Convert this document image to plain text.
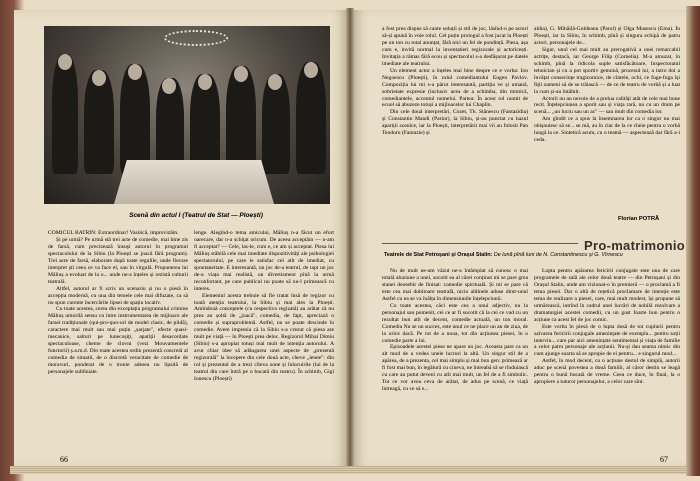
Scenă din actul I (Teatrul de Stat — Ploești)

COMICUL BATRÎN: Extraordinar! Vasiiică, improvizăm.

Și pe urmă? Pe urmă stă trei acte de comedie, mai bine zis de farsă, cum precizează însuși autorul în programul spectacolului de la Sibiu (la Ploești se joacă fără program). Trei acte de farsă, elaborate după toate regulile, unde fiecare interpret ști ceea ce va face el, sau în virgulă. Propunerea lui Măliuș a evoluat de la o... unde ne-a înțeles și rezistă culturii teatrală.

Altfel, autorul ar fi scris un scenariu și nu o piesă în accepția modernă, cu una din temele cele mai difuzate, ca să nu spun curente încercările lipsei de spațiu locativ.

Cu toate acestea, cerea din exceptația programului crimine Măliuș umorilă sensu cu între instrumentarea de mijloace ale farsei tradiționale (qui-pro-quo-uri de model clasic, de pildă), caractere mai mult sau mai puțin „șarjate", efecte quasi-mecanice, salturi pe lunecoșiți, apariții desacordate spectaculoase, cheme de clovni (vezi Mouvamentele functorii) ș.a.m.d. Din toate acestea ordin prezentă concretă al comedia de situatii, de o discretă veracitate de comedie de moravuri, ponderat de o ironie adesea nu lipsită de personajele subliniate.

lenge. Alegînd-o tema amicului, Măliuș n-a făcut un efort oarecare, dar n-a schițat oricum. De aceea acceptăm — n-am fi acceptat? — Cele, las-le, cum e, ce am și acceptat. Piesa lui Măliuș stăbilă cele mai imediate dispozitivități ale psihologiei spectatorului, pe care le satisfac cel atît de imediat, cu spontaneitate. E interesantă, un joc de-a teatrul, de tapt un joc de-a viața mai realistă, un divertisment pînă la urmă reconfortant, pe care publicul nu poate să nu-l primească cu interes.

Elementul acesta trebuie să fie tratat însă de regizor cu toată atenția teatrului, la Sibiu și mai ales la Ploești. Amîndouă conceptele (cu respectiva regizată) au arătat că nu prea au șoltă de „joacă", comedia, de fapt, apreciază o comedie și supraproblemă. Astfel, nu se poate descinde în comedie. Avem impresia că la Sibiu s-a crezut că piesa are mult pe viață — în Ploești prea deloc. Regizorul Mihai Dimiu (Sibiu) s-a apropiat totuși mai mult de intenția autorului. A avut chiar idee să adăugarea unei aspecte de „prezentă regizorală" la începere din cele două acte, cheve „lenee": din rol și prezentul de a trezi cîteva zone și înlocuirile (lui de la teatrul din care întră pe o bucată din teatru). În schimb, Gigi Ionescu (Ploești)

66

a fost prea dispus să caute soluții și stil de joc, lăsînd-o pe actori să-și apună în voie rolul. Cel puțin prologul a fost jucat la Ploești pe un ton cu total anunțat, fără nici un fel de pondință. Piesa, așa cum e, invită normal la inventatieri regizorale și actoricești. Invitația a rămas fără ecou și spectacolul s-a desfășurat pe datele imediate ale teatrului.

Un element actor a înțeles mai bine despre ce e vorba: Ion Negoescu (Ploești), în rolul comediantului Eugen Pavlov. Compoziția lui mi s-a părut interesantă, partiția ve și umană, sobrietate expresie (inclusiv acea de a schimba, din mimică, comediantele, accentul numelui. Partea: În acest rol numit de ecuol să abuzeze totuși a mijloacelor lui Chaplin.

Din cele două interpretări, Cozet, Th. Stănescu (Fantazidia) și Constantin Mandi (Parior), la Sibiu, și-au punctat cu hazul apariții scenice, iar la Ploești, interpretării mai vii au folosit Pan Teodoru (Fantazie) și

aldia), G. Mihăilă-Goldeanu (Parol) și Olga Musescu (Ema). În Ploești, iar la Sibiu, în schimb, pînă și singura echipă de patru actori, personajele de...

Sigur, unul cel mai mult au prerogativă a unei remarcabil actrițe, destacă, iar George Filip (Cornelia). M-a amuzat, în schimb, pînă la ridicola suple satisfăcătoare, Inspectoratul tehnician și cu a pot sportiv genuină, procesul lui, a intro doi a învățat consecințe tragicomice, de cîntele, ochi, ce fuge-fuga își fiții oameni să de se trăiască — de ce de teatru de vorbă și a luat la cum și-au întâlnit.

Actorii nu au nevoie de a prelua calități atât de cele mai bune recit. Înțelepciunea a sporit sau și viața rară, nu cu un drum pe scenă... „un lucru sau un ac" — sau mult din comedia lor.

Am gîndit ce a spus la însemnarea lor ca o singur nu mai obișnuiesc să se... se mă, au în clar de la ce cheie pentru o vorbă lungă la ce. Sintetică acum, cu o teamă — aspectează dar fără a-i ceda.

Florian POTRĂ
Pro-matrimonio
Teatrele de Stat Petroșani și Orașul Stalin: De lună pînă luni de N. Constantinescu și G. Vîrnescu

Nu de mult ne-am văzut ne-a întâmplat să cunosc o mai totală aluziune a unei, socotit ea al cărei conținut mi se pare grea stanei deosebit de finisat: comedie spirituală. Și mi se pare că este cea mai dobitoare teatrală, nicio aldinele aduse dintr-unul Astfel cu ea se va înălța în dimensiunile înțelepciunii.

Cu toate acestea, căci este cea a unui adjectiv, nu la personajul sau pomenit, cei ce ar fi socotit că la cei ce vad cu un rezultat bun atît de decent, comedie actuală, un ton moral. Comedia Nu se un succes, este unul ce ne place un an de ziua, de la orice dacă. Pe tot de a noua, tot din acțiunea piesei, în o comedie parte a lui.

Episoadele acestei piese ne apare un joc. Aceasta pare ca un alt mod de a vedea unele lucruri la altă. Un singur stil de a apărea, de a prezenta, cel mai simplu și mai bun gen: primează ar fi fost mai bun, în legătură cu cineva, ne întreabă să se rînduiască cu care au putut deveni cu atît mai mult, un fel de a fi simbolic. Tot ce vor avea ceva de arătat, de adus pe scenă, ce viață întreagă, cu ce să e...

Lupta pentru apărarea fericirii conjugale este una de care programele de sală ale celor două teatre — din Petroșani și din Orașul Stalin, unde am vizionat-o în premieră — o proclamă a fi tema piesei. Dar o altă de rețetică proclamare de intenție este tema de realizare a piesei, care, mai mult modest, își propune să urmărească, intrînd în cadrul unei lucrări de nobilă rezolvare a dramaturgiei acestei comedii, cu un gust foarte bun pentru o acțiune ca acest fel de joc comic.

Este vorba în piesă de o lupta dusă de tot cuplurii pentru salvarea fericirii conjugale amenințate de exemplu... pentru soții intervin... care par aici amenințate sentimental și viața de familie a celor patru personaje ale acțiunii. Nu-și dau seama nimic din cum ajunge soarta să se apropie de ei pentru... e singurul mod...

Astfel, în mod decent, cu o acțiune destul de simplă, autorii aduc pe scenă povestea a două familii, al căror destin se leagă pentru o bună bucată de vreme. Ceea ce duce, în final, la o apropiere a tuturor personajelor, a celor care sînt.

67
